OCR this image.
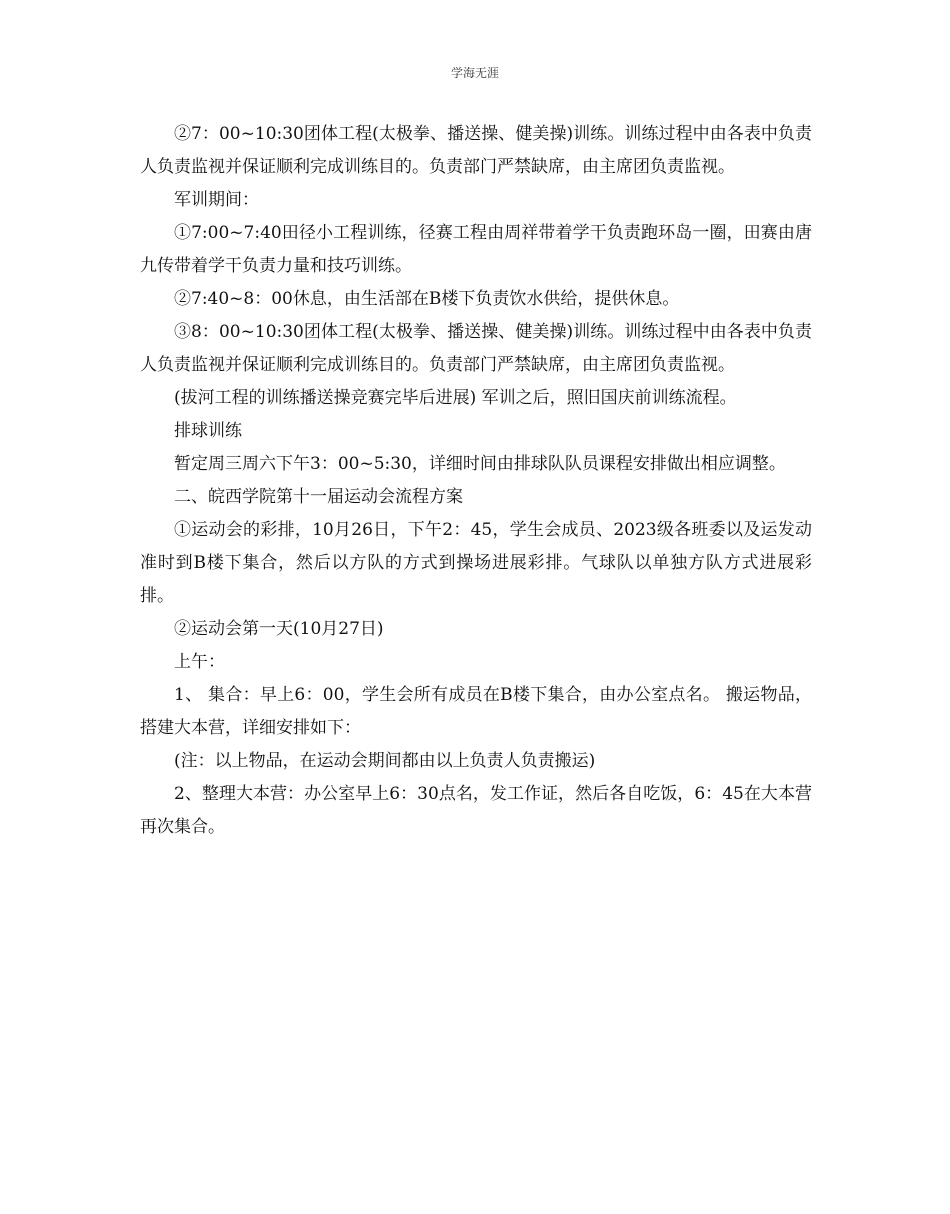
学海无涯

②7：00~10:30团体工程(太极拳、播送操、健美操)训练。训练过程中由各表中负责人负责监视并保证顺利完成训练目的。负责部门严禁缺席，由主席团负责监视。

军训期间：

①7:00~7:40田径小工程训练，径赛工程由周祥带着学干负责跑环岛一圈，田赛由唐九传带着学干负责力量和技巧训练。

②7:40~8：00休息，由生活部在B楼下负责饮水供给，提供休息。

③8：00~10:30团体工程(太极拳、播送操、健美操)训练。训练过程中由各表中负责人负责监视并保证顺利完成训练目的。负责部门严禁缺席，由主席团负责监视。

(拔河工程的训练播送操竞赛完毕后进展) 军训之后，照旧国庆前训练流程。

排球训练

暂定周三周六下午3：00~5:30，详细时间由排球队队员课程安排做出相应调整。

二、皖西学院第十一届运动会流程方案

①运动会的彩排，10月26日，下午2：45，学生会成员、2023级各班委以及运发动准时到B楼下集合，然后以方队的方式到操场进展彩排。气球队以单独方队方式进展彩排。

②运动会第一天(10月27日)

上午：

1、 集合：早上6：00，学生会所有成员在B楼下集合，由办公室点名。 搬运物品，搭建大本营，详细安排如下：

(注：以上物品，在运动会期间都由以上负责人负责搬运)

2、整理大本营：办公室早上6：30点名，发工作证，然后各自吃饭，6：45在大本营再次集合。
